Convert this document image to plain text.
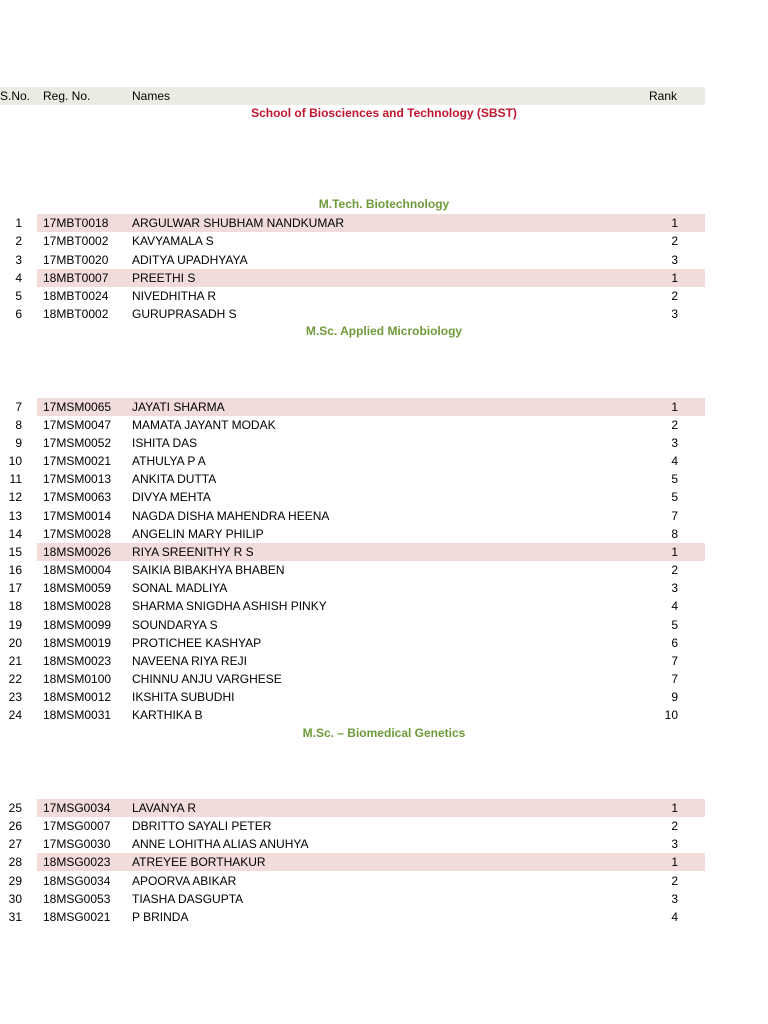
S.No. Reg. No.	Names	Rank
School of Biosciences and Technology (SBST)
M.Tech. Biotechnology
1 17MBT0018 ARGULWAR SHUBHAM NANDKUMAR	1
2 17MBT0002 KAVYAMALA S	2
3 17MBT0020 ADITYA UPADHYAYA	3
4 18MBT0007 PREETHI S	1
5 18MBT0024 NIVEDHITHA R	2
6 18MBT0002 GURUPRASADH S	3
M.Sc. Applied Microbiology
7 17MSM0065 JAYATI SHARMA	1
8 17MSM0047 MAMATA JAYANT MODAK	2
9 17MSM0052 ISHITA DAS	3
10 17MSM0021 ATHULYA P A	4
11 17MSM0013 ANKITA DUTTA	5
12 17MSM0063 DIVYA MEHTA	5
13 17MSM0014 NAGDA DISHA MAHENDRA HEENA	7
14 17MSM0028 ANGELIN MARY PHILIP	8
15 18MSM0026 RIYA SREENITHY R S	1
16 18MSM0004 SAIKIA BIBAKHYA BHABEN	2
17 18MSM0059 SONAL MADLIYA	3
18 18MSM0028 SHARMA SNIGDHA ASHISH PINKY	4
19 18MSM0099 SOUNDARYA S	5
20 18MSM0019 PROTICHEE KASHYAP	6
21 18MSM0023 NAVEENA RIYA REJI	7
22 18MSM0100 CHINNU ANJU VARGHESE	7
23 18MSM0012 IKSHITA SUBUDHI	9
24 18MSM0031 KARTHIKA B	10
M.Sc. – Biomedical Genetics
25 17MSG0034 LAVANYA R	1
26 17MSG0007 DBRITTO SAYALI PETER	2
27 17MSG0030 ANNE LOHITHA ALIAS ANUHYA	3
28 18MSG0023 ATREYEE BORTHAKUR	1
29 18MSG0034 APOORVA ABIKAR	2
30 18MSG0053 TIASHA DASGUPTA	3
31 18MSG0021 P BRINDA	4
